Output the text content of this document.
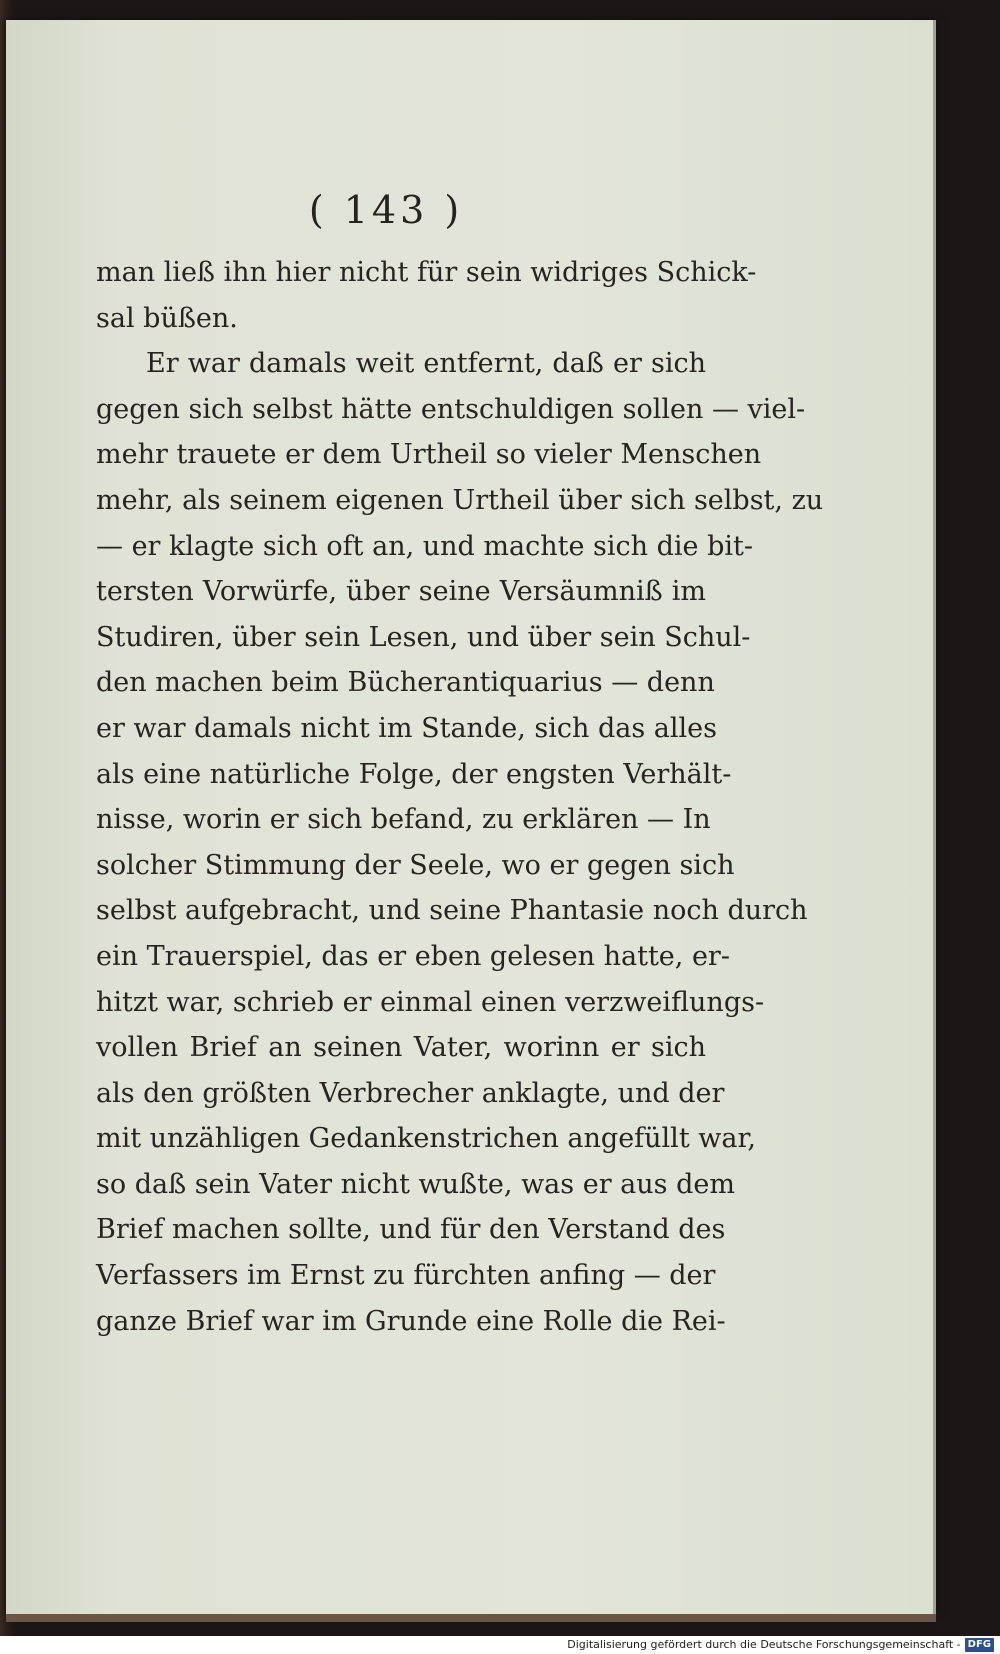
( 143 )
man ließ ihn hier nicht für sein widriges Schick-
sal büßen.
Er war damals weit entfernt, daß er sich
gegen sich selbst hätte entschuldigen sollen — viel-
mehr trauete er dem Urtheil so vieler Menschen
mehr, als seinem eigenen Urtheil über sich selbst, zu
— er klagte sich oft an, und machte sich die bit-
tersten Vorwürfe, über seine Versäumniß im
Studiren, über sein Lesen, und über sein Schul-
den machen beim Bücherantiquarius — denn
er war damals nicht im Stande, sich das alles
als eine natürliche Folge, der engsten Verhält-
nisse, worin er sich befand, zu erklären — In
solcher Stimmung der Seele, wo er gegen sich
selbst aufgebracht, und seine Phantasie noch durch
ein Trauerspiel, das er eben gelesen hatte, er-
hitzt war, schrieb er einmal einen verzweiflungs-
vollen Brief an seinen Vater, worinn er sich
als den größten Verbrecher anklagte, und der
mit unzähligen Gedankenstrichen angefüllt war,
so daß sein Vater nicht wußte, was er aus dem
Brief machen sollte, und für den Verstand des
Verfassers im Ernst zu fürchten anfing — der
ganze Brief war im Grunde eine Rolle die Rei-
Digitalisierung gefördert durch die Deutsche Forschungsgemeinschaft - DFG
